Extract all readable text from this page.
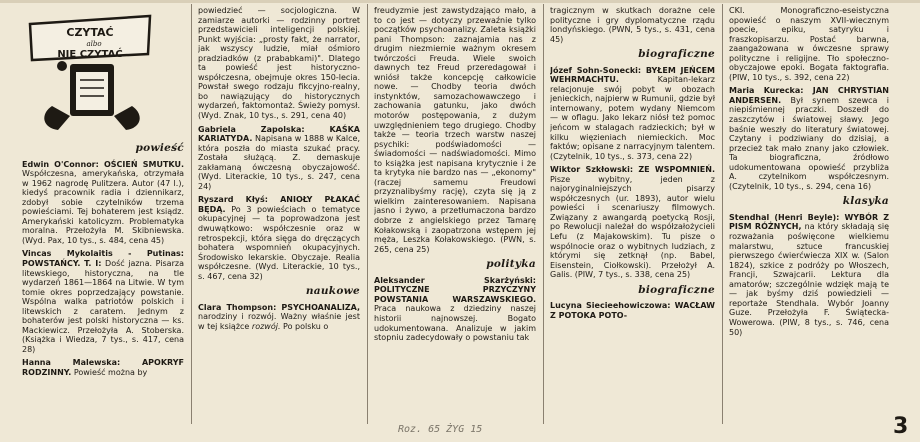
CZYTAĆ
albo
NIE CZYTAĆ
powieść

Edwin O'Connor: OŚCIEŃ SMUTKU. Współczesna, amerykańska, otrzymała w 1962 nagrodę Pulitzera. Autor (47 l.), kiedyś pracownik radia i dziennikarz, zdobył sobie czytelników trzema powieściami. Tej bohaterem jest ksiądz. Amerykański katolicyzm. Problematyka moralna. Przełożyła M. Skibniewska. (Wyd. Pax, 10 tys., s. 484, cena 45)

Vincas Mykolaitis - Putinas: POWSTAŃCY. T. I: Dość jazna. Pisarza litewskiego, historyczna, na tle wydarzeń 1861—1864 na Litwie. W tym tomie okres poprzedzający powstanie. Wspólna walka patriotów polskich i litewskich z caratem. Jednym z bohaterów jest polski historyczna — ks. Mackiewicz. Przełożyła A. Stoberska. (Książka i Wiedza, 7 tys., s. 417, cena 28)

Hanna Malewska: APOKRYF RODZINNY. Powieść można by

powiedzieć — socjologiczna. W zamiarze autorki — rodzinny portret przedstawicieli inteligencji polskiej. Punkt wyjścia: „prosty fakt, że narrator, jak wszyscy ludzie, miał ośmioro pradziadków (z prababkami)". Dlatego ta powieść jest historyczno-współczesna, obejmuje okres 150-lecia. Powstał swego rodzaju fikcyjno-realny, bo nawiązujący do historycznych wydarzeń, faktomontaż. Świeży pomysł. (Wyd. Znak, 10 tys., s. 291, cena 40)

Gabriela Zapolska: KAŚKA KARIATYDA. Napisana w 1888 w Kalce, która poszła do miasta szukać pracy. Została służącą. Z. demaskuje zakłamaną ówczesną obyczajowość. (Wyd. Literackie, 10 tys., s. 247, cena 24)

Ryszard Kłyś: ANIOŁY PŁAKAĆ BĘDĄ. Po 3 powieściach o tematyce okupacyjnej — ta poprowadzona jest dwuwątkowo: współczesnie oraz w retrospekcji, która sięga do dręczących bohatera wspomnień okupacyjnych. Środowisko lekarskie. Obyczaje. Realia współczesne. (Wyd. Literackie, 10 tys., s. 467, cena 32)

naukowe

Clara Thompson: PSYCHOANALIZA, narodziny i rozwój. Ważny właśnie jest w tej książce rozwój. Po polsku o

freudyzmie jest zawstydzająco mało, a to co jest — dotyczy przewaźnie tylko początków psychoanalizy. Zaleta książki pani Thompson: zaznajamia nas z drugim niezmiernie ważnym okresem twórczości Freuda. Wiele swoich dawnych tez Freud przeredagował i wniósł także koncepcję całkowicie nowe. — Chodby teoria dwóch instynktów, samozachowawczego i zachowania gatunku, jako dwóch motorów postępowania, z dużym uwzględnieniem tego drugiego. Chodby także — teoria trzech warstw naszej psychiki: podświadomości — świadomości — nadświadomości. Mimo to książka jest napisana krytycznie i że ta krytyka nie bardzo nas — „ekonomy" (raczej samemu Freudowi przyznalibyśmy rację), czyta się ją z wielkim zainteresowaniem. Napisana jasno i żywo, a przetłumaczona bardzo dobrze z angielskiego przez Tamarę Kołakowską i zaopatrzona wstępem jej męża, Leszka Kołakowskiego. (PWN, s. 265, cena 25)

polityka

Aleksander Skarżyński: POLITYCZNE PRZYCZYNY POWSTANIA WARSZAWSKIEGO. Praca naukowa z dziedziny naszej historii najnowszej. Bogato udokumentowana. Analizuje w jakim stopniu zadecydowały o powstaniu tak

tragicznym w skutkach dorażne cele polityczne i gry dyplomatyczne rządu londyńskiego. (PWN, 5 tys., s. 431, cena 45)

biograficzne

Józef Sohn-Sonecki: BYŁEM JEŃCEM WEHRMACHTU.	Kapitan-lekarz relacjonuje swój pobyt w obozach jenieckich, najpierw w Rumunii, gdzie był internowany, potem wydany Niemcom — w oflagu. Jako lekarz niósł też pomoc jeńcom w stalagach radzieckich; był w kilku więzieniach niemieckich. Moc faktów; opisane z narracyjnym talentem. (Czytelnik, 10 tys., s. 373, cena 22)

Wiktor Szkłowski: ZE WSPOMNIEŃ. Pisze wybitny, jeden z najoryginalniejszych pisarzy współczesnych (ur. 1893), autor wielu powieści i scenariuszy filmowych. Związany z awangardą poetycką Rosji, po Rewolucji należał do współzałożycieli Lefu (z Majakowskim). Tu pisze o wspólnocie oraz o wybitnych ludziach, z którymi się zetknął (np. Babel, Eisenstein, Ciołkowski). Przełożył A. Galis. (PIW, 7 tys., s. 338, cena 25)

biograficzne

Lucyna Siecieehowiczowa: WACŁAW Z POTOKA POTO-

CKI. Monograficzno-eseistyczna opowieść o naszym XVII-wiecznym poecie, epiku, satyryku i fraszkopisarzu. Postać barwna, zaangażowana w ówczesne sprawy polityczne i religijne. Tło społeczno-obyczajowe epoki. Bogata faktografia. (PIW, 10 tys., s. 392, cena 22)

Maria Kurecka: JAN CHRYSTIAN ANDERSEN. Był synem szewca i niepiśmiennej praczki. Doszedł do zaszczytów i światowej sławy. Jego baśnie weszły do literatury światowej. Czytany i podziwiany do dzisiaj, a przecież tak mało znany jako człowiek. Ta biograficzna, źródłowo udokumentowana opowieść przybliża A. czytelnikom współczesnym. (Czytelnik, 10 tys., s. 294, cena 16)

klasyka

Stendhal (Henri Beyle): WYBÓR Z PISM RÓŻNYCH, na który składają się rozważania poświęcone wielkiemu malarstwu, sztuce francuskiej pierwszego ćwierćwiecza XIX w. (Salon 1824), szkice z podróży po Włoszech, Francji, Szwajcarii. Lektura dla amatorów; szczególnie wdzięk mają te — jak byśmy dziś powiedzieli — reportaże Stendhala. Wybór Joanny Guze. Przełożyła F. Świątecka-Wowerowa. (PIW, 8 tys., s. 746, cena 50)

Roz. 65 ŻYG 15	3
